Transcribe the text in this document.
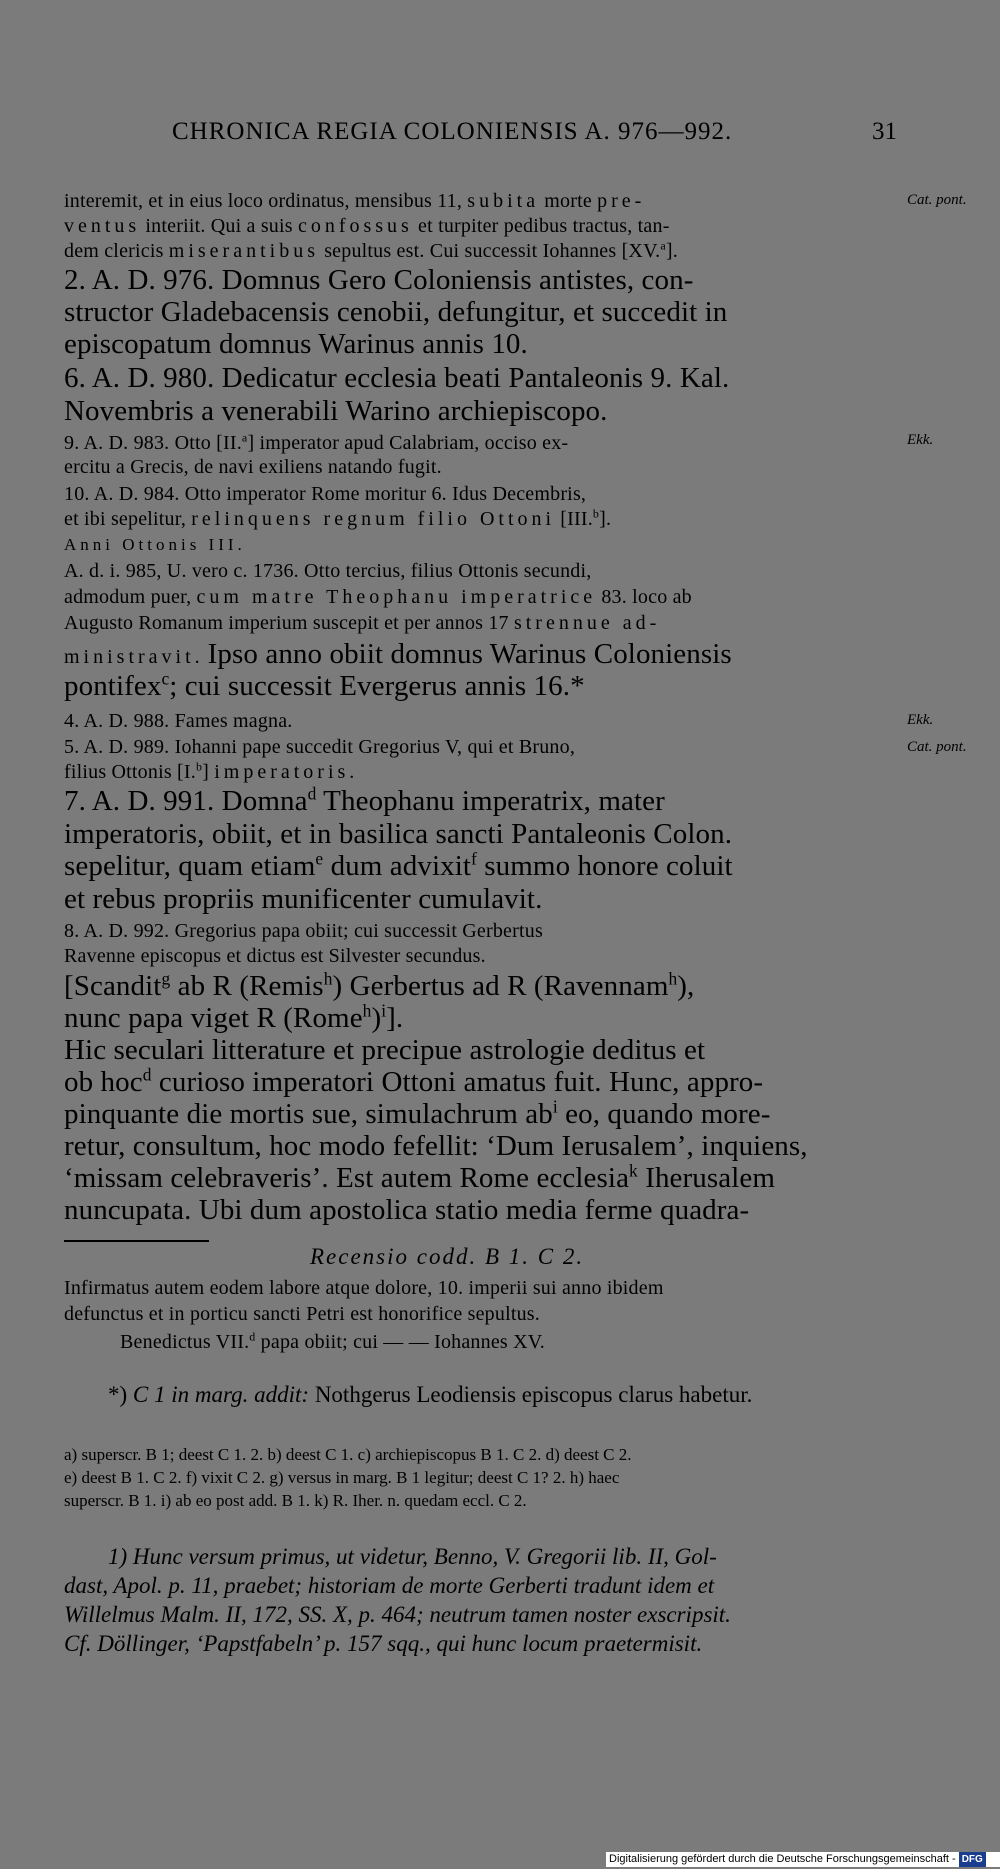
CHRONICA REGIA COLONIENSIS A. 976—992.	31
Cat. pont.
Ekk.
Ekk.
Cat. pont.
interemit, et in eius loco ordinatus, mensibus 11, subita morte pre-
ventus interiit. Qui a suis confossus et turpiter pedibus tractus, tan-
dem clericis miserantibus sepultus est. Cui successit Iohannes [XV.$^a$].
2. A. D. 976. Domnus Gero Coloniensis antistes, con-
structor Gladebacensis cenobii, defungitur, et succedit in
episcopatum domnus Warinus annis 10.
6. A. D. 980. Dedicatur ecclesia beati Pantaleonis 9. Kal.
Novembris a venerabili Warino archiepiscopo.
9. A. D. 983. Otto [II.$^a$] imperator apud Calabriam, occiso ex-
ercitu a Grecis, de navi exiliens natando fugit.
10. A. D. 984. Otto imperator Rome moritur 6. Idus Decembris,
et ibi sepelitur, relinquens regnum filio Ottoni [III.$^b$].
Anni Ottonis III.
A. d. i. 985, U. vero c. 1736. Otto tercius, filius Ottonis secundi,
admodum puer, cum matre Theophanu imperatrice 83. loco ab
Augusto Romanum imperium suscepit et per annos 17 strennue ad-
ministravit. Ipso anno obiit domnus Warinus Coloniensis
pontifex$^c$; cui successit Evergerus annis 16.*
4. A. D. 988. Fames magna.
5. A. D. 989. Iohanni pape succedit Gregorius V, qui et Bruno,
filius Ottonis [I.$^b$] imperatoris.
7. A. D. 991. Domna$^d$ Theophanu imperatrix, mater
imperatoris, obiit, et in basilica sancti Pantaleonis Colon.
sepelitur, quam etiam$^e$ dum advixit$^f$ summo honore coluit
et rebus propriis munificenter cumulavit.
8. A. D. 992. Gregorius papa obiit; cui successit Gerbertus
Ravenne episcopus et dictus est Silvester secundus.
[Scandit$^g$ ab R (Remis$^h$) Gerbertus ad R (Ravennam$^h$),
nunc papa viget R (Rome$^h$)$^i$].
Hic seculari litterature et precipue astrologie deditus et
ob hoc$^d$ curioso imperatori Ottoni amatus fuit. Hunc, appro-
pinquante die mortis sue, simulachrum $ab^i$ eo, quando more-
retur, consultum, hoc modo fefellit: ‘Dum Ierusalem’, inquiens,
‘missam celebraveris’. Est autem Rome ecclesia$^k$ Iherusalem
nuncupata. Ubi dum apostolica statio media ferme quadra-
Recensio codd. B 1. C 2.
Infirmatus autem eodem labore atque dolore, 10. imperii sui anno ibidem
defunctus et in porticu sancti Petri est honorifice sepultus.
Benedictus VII.$^d$ papa obiit; cui — — Iohannes XV.
*) C 1 in marg. addit: Nothgerus Leodiensis episcopus clarus habetur.
a) superscr. B 1; deest C 1. 2. b) deest C 1. c) archiepiscopus B 1. C 2. d) deest C 2.
e) deest B 1. C 2. f) vixit C 2. g) versus in marg. B 1 legitur; deest C 1? 2. h) haec
superscr. B 1. i) ab eo post add. B 1. k) R. Iher. n. quedam eccl. C 2.
1) Hunc versum primus, ut videtur, Benno, V. Gregorii lib. II, Gol-
dast, Apol. p. 11, praebet; historiam de morte Gerberti tradunt idem et
Willelmus Malm. II, 172, SS. X, p. 464; neutrum tamen noster exscripsit.
Cf. Döllinger, ‘Papstfabeln’ p. 157 sqq., qui hunc locum praetermisit.
Digitalisierung gefördert durch die Deutsche Forschungsgemeinschaft - DFG
